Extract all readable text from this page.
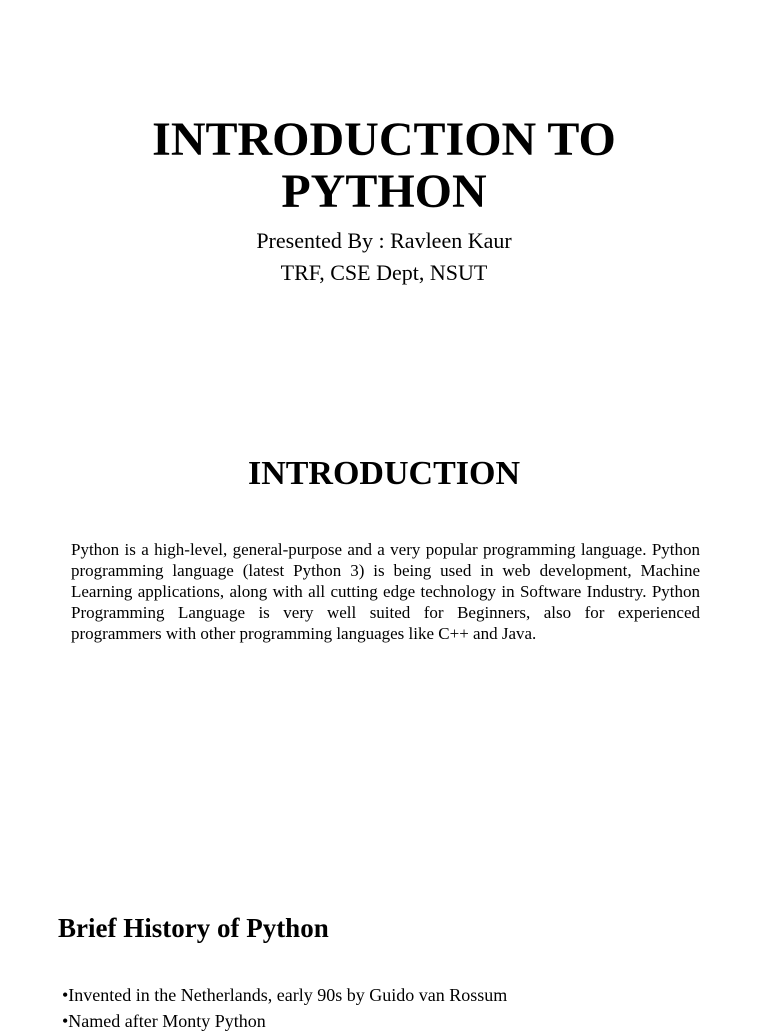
INTRODUCTION TO PYTHON

Presented By : Ravleen Kaur

TRF, CSE Dept, NSUT

INTRODUCTION

Python is a high-level, general-purpose and a very popular programming language. Python programming language (latest Python 3) is being used in web development, Machine Learning applications, along with all cutting edge technology in Software Industry. Python Programming Language is very well suited for Beginners, also for experienced programmers with other programming languages like C++ and Java.

Brief History of Python
•Invented in the Netherlands, early 90s by Guido van Rossum
•Named after Monty Python
